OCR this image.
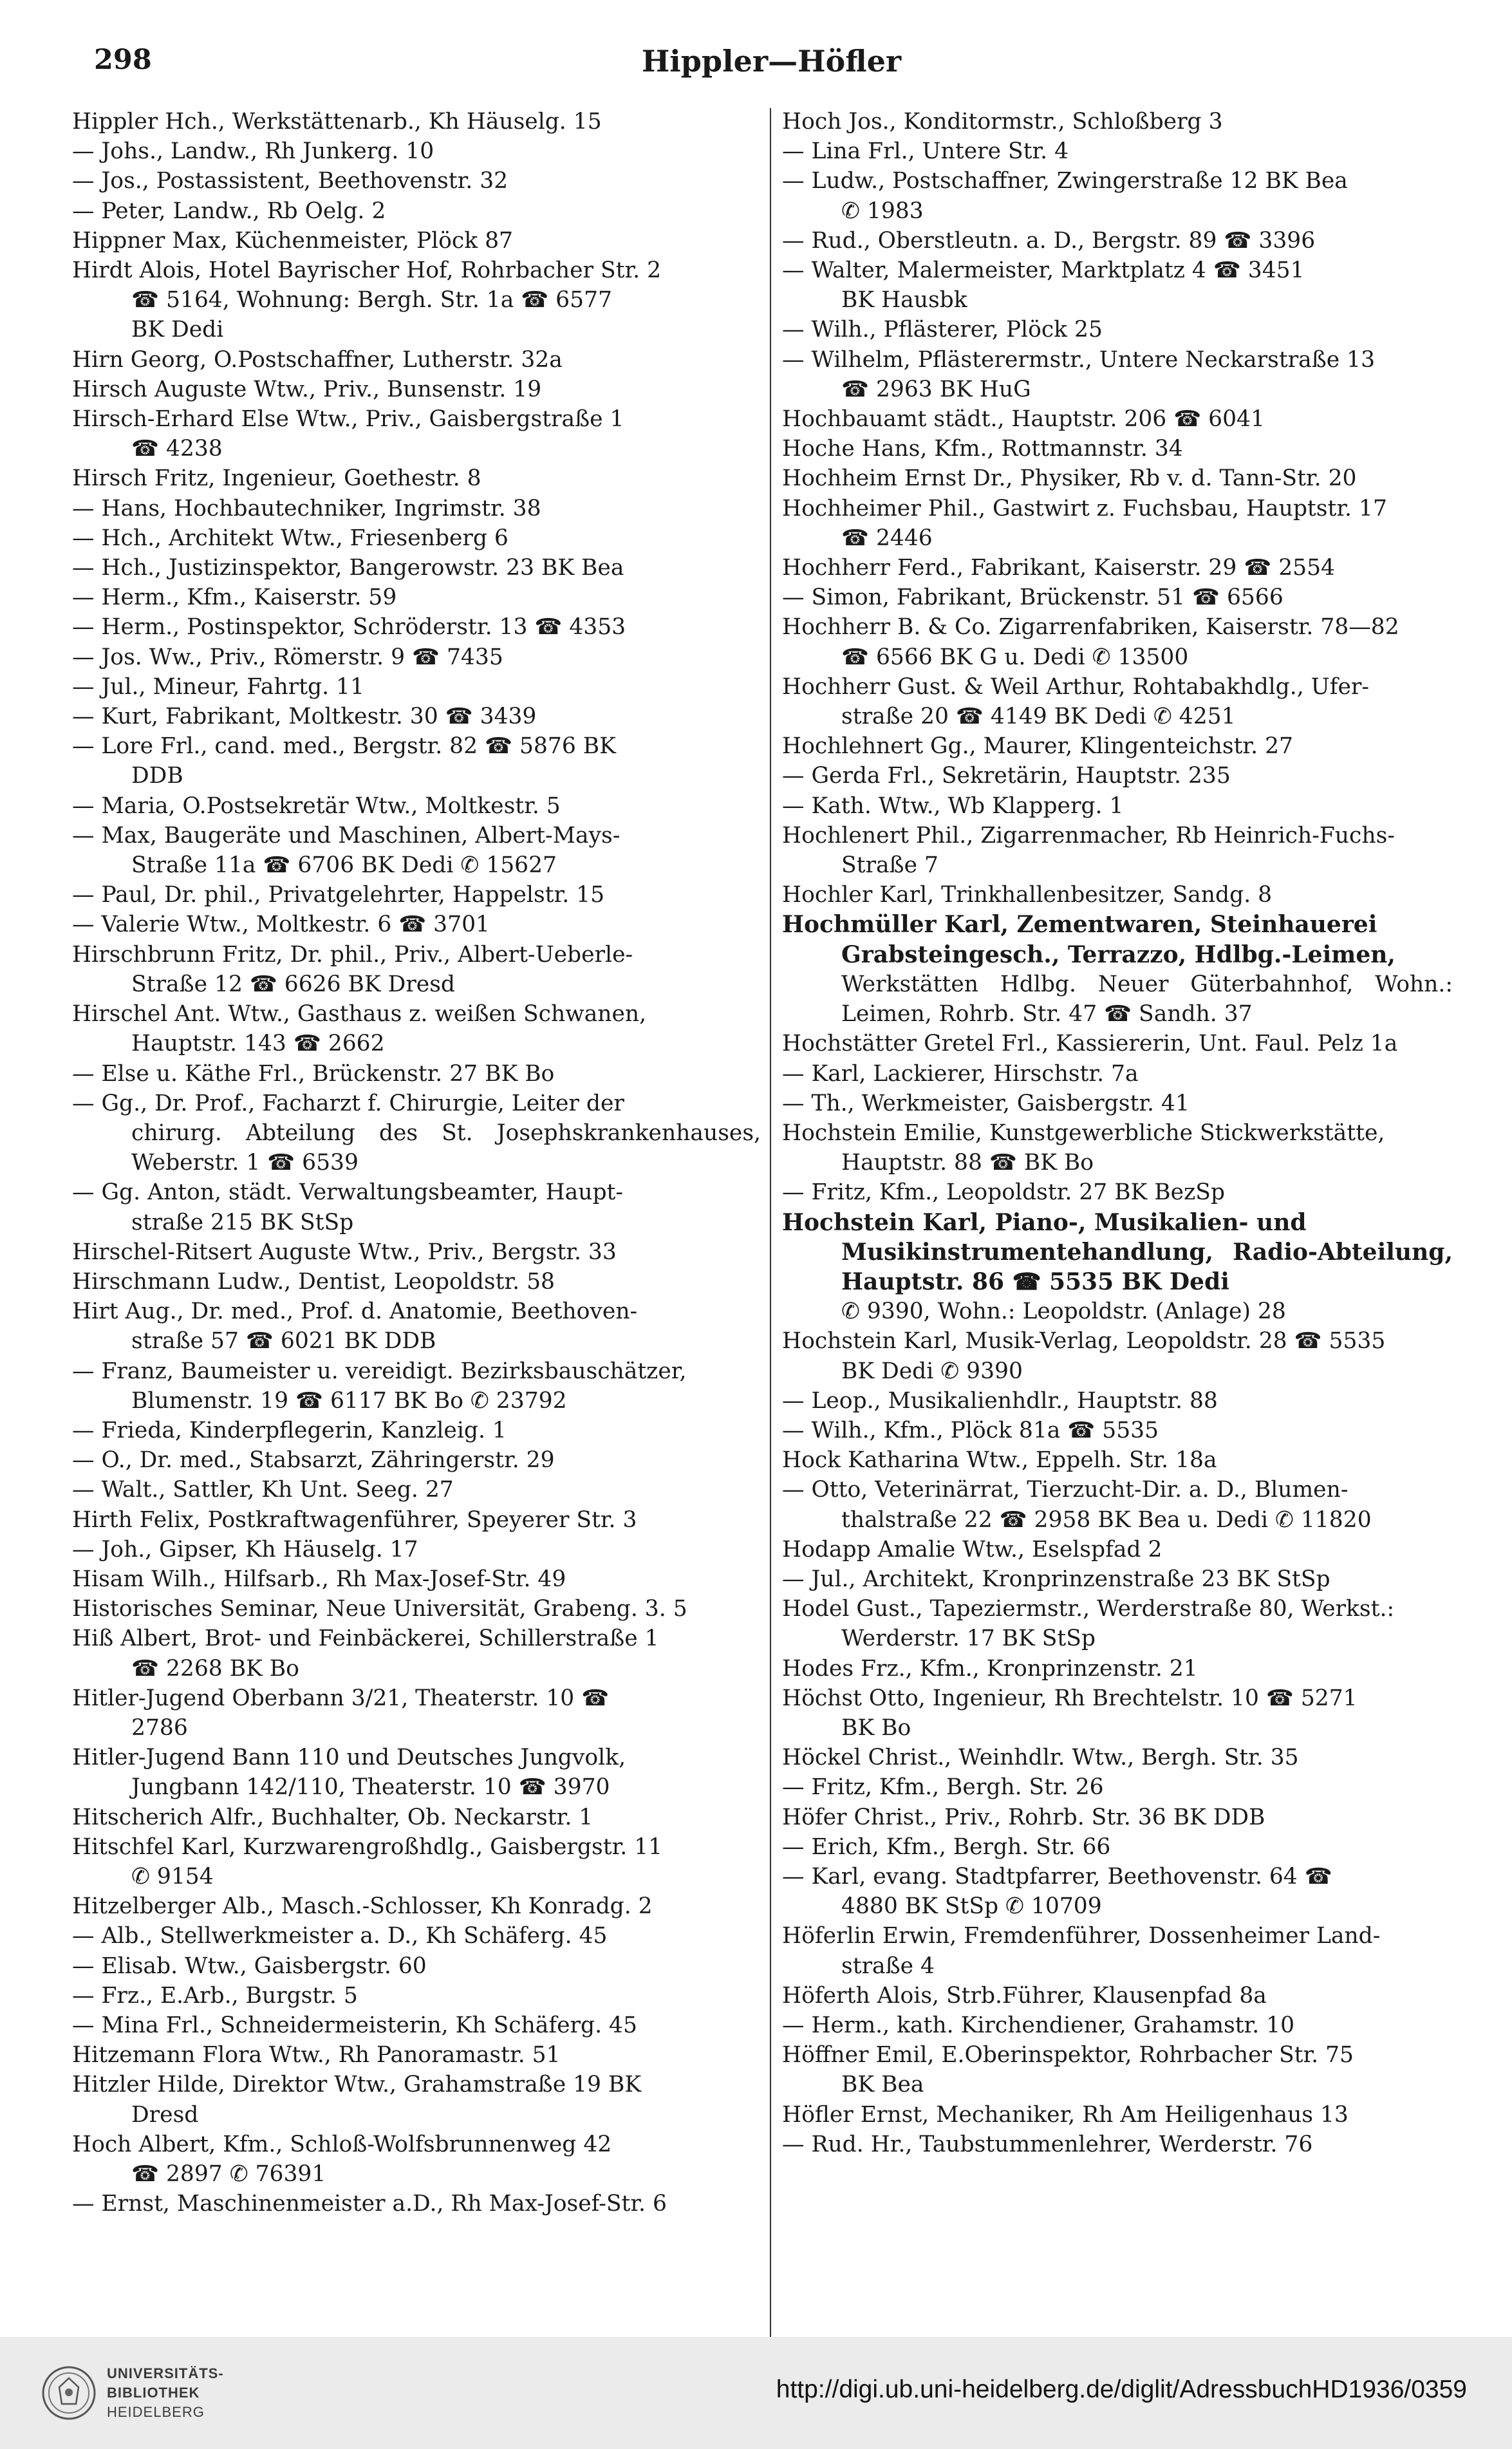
298	Hippler—Höfler

Hippler Hch., Werkstättenarb., Kh Häuselg. 15

— Johs., Landw., Rh Junkerg. 10

— Jos., Postassistent, Beethovenstr. 32

— Peter, Landw., Rb Oelg. 2

Hippner Max, Küchenmeister, Plöck 87

Hirdt Alois, Hotel Bayrischer Hof, Rohrbacher Str. 2
☎ 5164, Wohnung: Bergh. Str. 1a ☎ 6577

BK Dedi

Hirn Georg, O.Postschaffner, Lutherstr. 32a

Hirsch Auguste Wtw., Priv., Bunsenstr. 19

Hirsch-Erhard Else Wtw., Priv., Gaisbergstraße 1
☎ 4238

Hirsch Fritz, Ingenieur, Goethestr. 8

— Hans, Hochbautechniker, Ingrimstr. 38

— Hch., Architekt Wtw., Friesenberg 6

— Hch., Justizinspektor, Bangerowstr. 23 BK Bea

— Herm., Kfm., Kaiserstr. 59

— Herm., Postinspektor, Schröderstr. 13 ☎ 4353

— Jos. Ww., Priv., Römerstr. 9 ☎ 7435

— Jul., Mineur, Fahrtg. 11

— Kurt, Fabrikant, Moltkestr. 30 ☎ 3439

— Lore Frl., cand. med., Bergstr. 82 ☎ 5876 BK
DDB

— Maria, O.Postsekretär Wtw., Moltkestr. 5

— Max, Baugeräte und Maschinen, Albert-Mays-
Straße 11a ☎ 6706 BK Dedi ✆ 15627

— Paul, Dr. phil., Privatgelehrter, Happelstr. 15

— Valerie Wtw., Moltkestr. 6 ☎ 3701

Hirschbrunn Fritz, Dr. phil., Priv., Albert-Ueberle-
Straße 12 ☎ 6626 BK Dresd

Hirschel Ant. Wtw., Gasthaus z. weißen Schwanen,
Hauptstr. 143 ☎ 2662

— Else u. Käthe Frl., Brückenstr. 27 BK Bo

— Gg., Dr. Prof., Facharzt f. Chirurgie, Leiter der
chirurg. Abteilung des St. Josephskrankenhauses, Weberstr. 1 ☎ 6539

— Gg. Anton, städt. Verwaltungsbeamter, Haupt-
straße 215 BK StSp

Hirschel-Ritsert Auguste Wtw., Priv., Bergstr. 33

Hirschmann Ludw., Dentist, Leopoldstr. 58

Hirt Aug., Dr. med., Prof. d. Anatomie, Beethoven-
straße 57 ☎ 6021 BK DDB

— Franz, Baumeister u. vereidigt. Bezirksbauschätzer,
Blumenstr. 19 ☎ 6117 BK Bo ✆ 23792

— Frieda, Kinderpflegerin, Kanzleig. 1

— O., Dr. med., Stabsarzt, Zähringerstr. 29

— Walt., Sattler, Kh Unt. Seeg. 27

Hirth Felix, Postkraftwagenführer, Speyerer Str. 3

— Joh., Gipser, Kh Häuselg. 17

Hisam Wilh., Hilfsarb., Rh Max-Josef-Str. 49

Historisches Seminar, Neue Universität, Grabeng. 3. 5

Hiß Albert, Brot- und Feinbäckerei, Schillerstraße 1
☎ 2268 BK Bo

Hitler-Jugend Oberbann 3/21, Theaterstr. 10 ☎
2786

Hitler-Jugend Bann 110 und Deutsches Jungvolk,
Jungbann 142/110, Theaterstr. 10 ☎ 3970

Hitscherich Alfr., Buchhalter, Ob. Neckarstr. 1

Hitschfel Karl, Kurzwarengroßhdlg., Gaisbergstr. 11
✆ 9154

Hitzelberger Alb., Masch.-Schlosser, Kh Konradg. 2

— Alb., Stellwerkmeister a. D., Kh Schäferg. 45

— Elisab. Wtw., Gaisbergstr. 60

— Frz., E.Arb., Burgstr. 5

— Mina Frl., Schneidermeisterin, Kh Schäferg. 45

Hitzemann Flora Wtw., Rh Panoramastr. 51

Hitzler Hilde, Direktor Wtw., Grahamstraße 19 BK
Dresd

Hoch Albert, Kfm., Schloß-Wolfsbrunnenweg 42
☎ 2897 ✆ 76391

— Ernst, Maschinenmeister a.D., Rh Max-Josef-Str. 6

Hoch Jos., Konditormstr., Schloßberg 3

— Lina Frl., Untere Str. 4

— Ludw., Postschaffner, Zwingerstraße 12 BK Bea
✆ 1983

— Rud., Oberstleutn. a. D., Bergstr. 89 ☎ 3396

— Walter, Malermeister, Marktplatz 4 ☎ 3451
BK Hausbk

— Wilh., Pflästerer, Plöck 25

— Wilhelm, Pflästerermstr., Untere Neckarstraße 13
☎ 2963 BK HuG

Hochbauamt städt., Hauptstr. 206 ☎ 6041

Hoche Hans, Kfm., Rottmannstr. 34

Hochheim Ernst Dr., Physiker, Rb v. d. Tann-Str. 20

Hochheimer Phil., Gastwirt z. Fuchsbau, Hauptstr. 17
☎ 2446

Hochherr Ferd., Fabrikant, Kaiserstr. 29 ☎ 2554

— Simon, Fabrikant, Brückenstr. 51 ☎ 6566

Hochherr B. & Co. Zigarrenfabriken, Kaiserstr. 78—82
☎ 6566 BK G u. Dedi ✆ 13500

Hochherr Gust. & Weil Arthur, Rohtabakhdlg., Ufer-
straße 20 ☎ 4149 BK Dedi ✆ 4251

Hochlehnert Gg., Maurer, Klingenteichstr. 27

— Gerda Frl., Sekretärin, Hauptstr. 235

— Kath. Wtw., Wb Klapperg. 1

Hochlenert Phil., Zigarrenmacher, Rb Heinrich-Fuchs-
Straße 7

Hochler Karl, Trinkhallenbesitzer, Sandg. 8

Hochmüller Karl, Zementwaren, Steinhauerei
Grabsteingesch., Terrazzo, Hdlbg.-Leimen,

Werkstätten Hdlbg. Neuer Güterbahnhof, Wohn.: Leimen, Rohrb. Str. 47 ☎ Sandh. 37

Hochstätter Gretel Frl., Kassiererin, Unt. Faul. Pelz 1a

— Karl, Lackierer, Hirschstr. 7a

— Th., Werkmeister, Gaisbergstr. 41

Hochstein Emilie, Kunstgewerbliche Stickwerkstätte,
Hauptstr. 88 ☎ BK Bo

— Fritz, Kfm., Leopoldstr. 27 BK BezSp

Hochstein Karl, Piano-, Musikalien- und
Musikinstrumentehandlung, Radio-Abteilung, Hauptstr. 86 ☎ 5535 BK Dedi

✆ 9390, Wohn.: Leopoldstr. (Anlage) 28

Hochstein Karl, Musik-Verlag, Leopoldstr. 28 ☎ 5535
BK Dedi ✆ 9390

— Leop., Musikalienhdlr., Hauptstr. 88

— Wilh., Kfm., Plöck 81a ☎ 5535

Hock Katharina Wtw., Eppelh. Str. 18a

— Otto, Veterinärrat, Tierzucht-Dir. a. D., Blumen-
thalstraße 22 ☎ 2958 BK Bea u. Dedi ✆ 11820

Hodapp Amalie Wtw., Eselspfad 2

— Jul., Architekt, Kronprinzenstraße 23 BK StSp

Hodel Gust., Tapeziermstr., Werderstraße 80, Werkst.:
Werderstr. 17 BK StSp

Hodes Frz., Kfm., Kronprinzenstr. 21

Höchst Otto, Ingenieur, Rh Brechtelstr. 10 ☎ 5271
BK Bo

Höckel Christ., Weinhdlr. Wtw., Bergh. Str. 35

— Fritz, Kfm., Bergh. Str. 26

Höfer Christ., Priv., Rohrb. Str. 36 BK DDB

— Erich, Kfm., Bergh. Str. 66

— Karl, evang. Stadtpfarrer, Beethovenstr. 64 ☎
4880 BK StSp ✆ 10709

Höferlin Erwin, Fremdenführer, Dossenheimer Land-
straße 4

Höferth Alois, Strb.Führer, Klausenpfad 8a

— Herm., kath. Kirchendiener, Grahamstr. 10

Höffner Emil, E.Oberinspektor, Rohrbacher Str. 75
BK Bea

Höfler Ernst, Mechaniker, Rh Am Heiligenhaus 13

— Rud. Hr., Taubstummenlehrer, Werderstr. 76

UNIVERSITÄTS-
BIBLIOTHEK
HEIDELBERG
http://digi.ub.uni-heidelberg.de/diglit/AdressbuchHD1936/0359
